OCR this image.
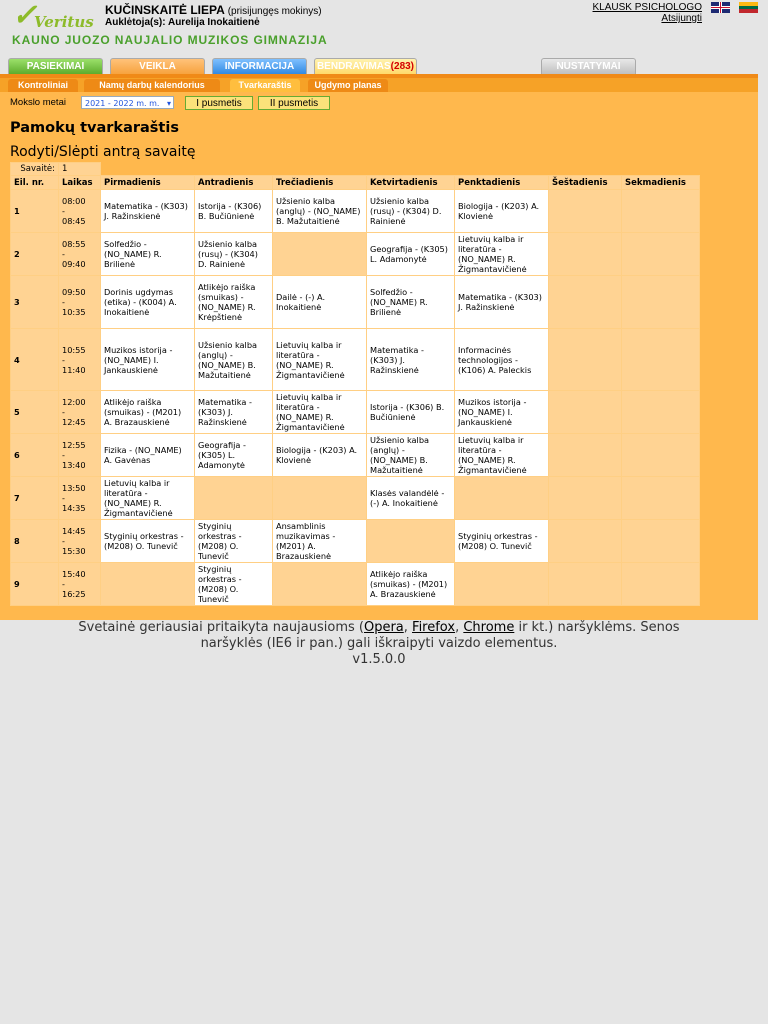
✓
Veritus
KUČINSKAITĖ LIEPA (prisijungęs mokinys)
Auklėtoja(s): Aurelija Inokaitienė
KAUNO JUOZO NAUJALIO MUZIKOS GIMNAZIJA
KLAUSK PSICHOLOGO
Atsijungti
PASIEKIMAI	VEIKLA	INFORMACIJA	BENDRAVIMAS(283)	NUSTATYMAI
Kontroliniai	Namų darbų kalendorius	Tvarkaraštis	Ugdymo planas
Mokslo metai	2021 - 2022 m. m. ▾	I pusmetis	II pusmetis
Pamokų tvarkaraštis
Rodyti/Slėpti antrą savaitę
Savaitė:	1							
Eil. nr.	Laikas	Pirmadienis	Antradienis	Trečiadienis	Ketvirtadienis	Penktadienis	Šeštadienis	Sekmadienis
1	08:00
-
08:45	Matematika - (K303) J. Ražinskienė	Istorija - (K306) B. Bučiūnienė	Užsienio kalba (anglų) - (NO_NAME) B. Mažutaitienė	Užsienio kalba (rusų) - (K304) D. Rainienė	Biologija - (K203) A. Klovienė		
2	08:55
-
09:40	Solfedžio - (NO_NAME) R. Brilienė	Užsienio kalba (rusų) - (K304) D. Rainienė		Geografija - (K305) L. Adamonytė	Lietuvių kalba ir literatūra - (NO_NAME) R. Žigmantavičienė		
3	09:50
-
10:35	Dorinis ugdymas (etika) - (K004) A. Inokaitienė	Atlikėjo raiška (smuikas) - (NO_NAME) R. Krėpštienė	Dailė - (-) A. Inokaitienė	Solfedžio - (NO_NAME) R. Brilienė	Matematika - (K303) J. Ražinskienė		
4	10:55
-
11:40	Muzikos istorija - (NO_NAME) I. Jankauskienė	Užsienio kalba (anglų) - (NO_NAME) B. Mažutaitienė	Lietuvių kalba ir literatūra - (NO_NAME) R. Žigmantavičienė	Matematika - (K303) J. Ražinskienė	Informacinės technologijos - (K106) A. Paleckis		
5	12:00
-
12:45	Atlikėjo raiška (smuikas) - (M201) A. Brazauskienė	Matematika - (K303) J. Ražinskienė	Lietuvių kalba ir literatūra - (NO_NAME) R. Žigmantavičienė	Istorija - (K306) B. Bučiūnienė	Muzikos istorija - (NO_NAME) I. Jankauskienė		
6	12:55
-
13:40	Fizika - (NO_NAME) A. Gavėnas	Geografija - (K305) L. Adamonytė	Biologija - (K203) A. Klovienė	Užsienio kalba (anglų) - (NO_NAME) B. Mažutaitienė	Lietuvių kalba ir literatūra - (NO_NAME) R. Žigmantavičienė		
7	13:50
-
14:35	Lietuvių kalba ir literatūra - (NO_NAME) R. Žigmantavičienė			Klasės valandėlė - (-) A. Inokaitienė			
8	14:45
-
15:30	Styginių orkestras - (M208) O. Tunevič	Styginių orkestras - (M208) O. Tunevič	Ansamblinis muzikavimas - (M201) A. Brazauskienė		Styginių orkestras - (M208) O. Tunevič		
9	15:40
-
16:25		Styginių orkestras - (M208) O. Tunevič		Atlikėjo raiška (smuikas) - (M201) A. Brazauskienė			
Svetainė geriausiai pritaikyta naujausioms (Opera, Firefox, Chrome ir kt.) naršyklėms. Senos
naršyklės (IE6 ir pan.) gali iškraipyti vaizdo elementus.
v1.5.0.0
